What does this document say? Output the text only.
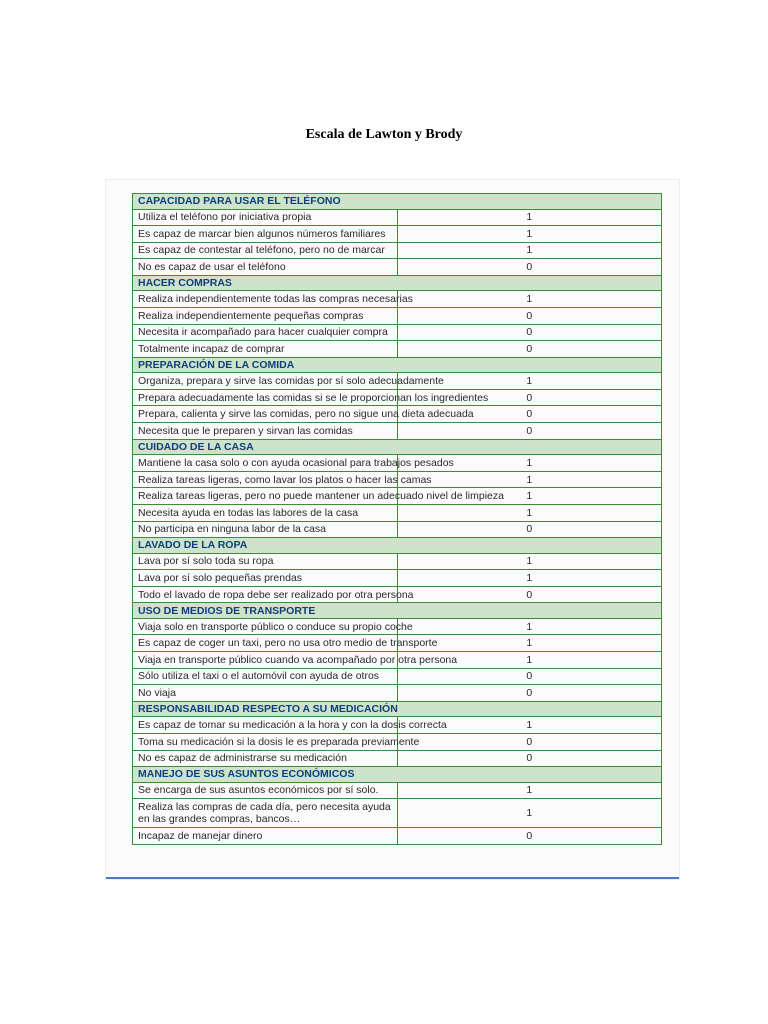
Escala de Lawton y Brody
CAPACIDAD PARA USAR EL TELÉFONO	
Utiliza el teléfono por iniciativa propia	1
Es capaz de marcar bien algunos números familiares	1
Es capaz de contestar al teléfono, pero no de marcar	1
No es capaz de usar el teléfono	0
HACER COMPRAS	
Realiza independientemente todas las compras necesarias	1
Realiza independientemente pequeñas compras	0
Necesita ir acompañado para hacer cualquier compra	0
Totalmente incapaz de comprar	0
PREPARACIÓN DE LA COMIDA	
Organiza, prepara y sirve las comidas por sí solo adecuadamente	1
Prepara adecuadamente las comidas si se le proporcionan los ingredientes	0
Prepara, calienta y sirve las comidas, pero no sigue una dieta adecuada	0
Necesita que le preparen y sirvan las comidas	0
CUIDADO DE LA CASA	
Mantiene la casa solo o con ayuda ocasional para trabajos pesados	1
Realiza tareas ligeras, como lavar los platos o hacer las camas	1
Realiza tareas ligeras, pero no puede mantener un adecuado nivel de limpieza	1
Necesita ayuda en todas las labores de la casa	1
No participa en ninguna labor de la casa	0
LAVADO DE LA ROPA	
Lava por sí solo toda su ropa	1
Lava por sí solo pequeñas prendas	1
Todo el lavado de ropa debe ser realizado por otra persona	0
USO DE MEDIOS DE TRANSPORTE	
Viaja solo en transporte público o conduce su propio coche	1
Es capaz de coger un taxi, pero no usa otro medio de transporte	1
Viaja en transporte público cuando va acompañado por otra persona	1
Sólo utiliza el taxi o el automóvil con ayuda de otros	0
No viaja	0
RESPONSABILIDAD RESPECTO A SU MEDICACIÓN	
Es capaz de tomar su medicación a la hora y con la dosis correcta	1
Toma su medicación si la dosis le es preparada previamente	0
No es capaz de administrarse su medicación	0
MANEJO DE SUS ASUNTOS ECONÓMICOS	
Se encarga de sus asuntos económicos por sí solo.	1
Realiza las compras de cada día, pero necesita ayuda en las grandes compras, bancos…	1
Incapaz de manejar dinero	0
